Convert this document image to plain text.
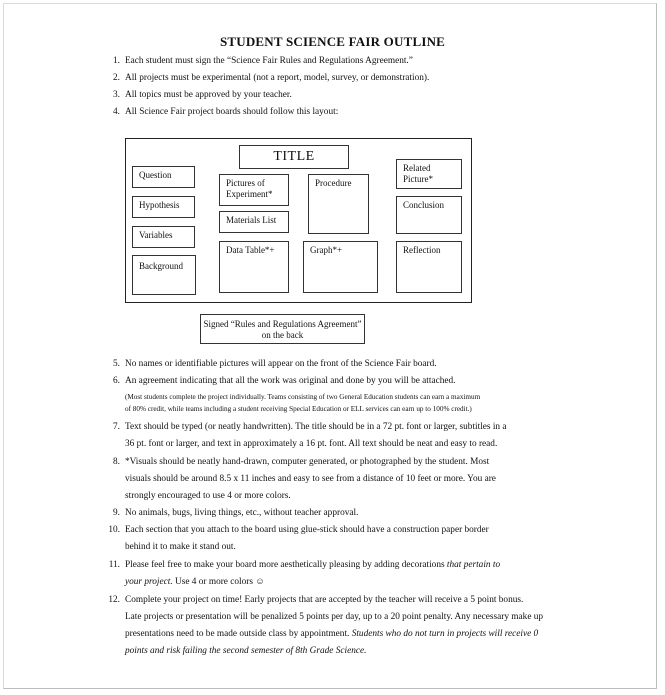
STUDENT SCIENCE FAIR OUTLINE
1. Each student must sign the “Science Fair Rules and Regulations Agreement.”
2. All projects must be experimental (not a report, model, survey, or demonstration).
3. All topics must be approved by your teacher.
4. All Science Fair project boards should follow this layout:
TITLE
Question
Hypothesis
Variables
Background
Pictures of
Experiment*
Materials List
Data Table*+
Procedure
Graph*+
Related
Picture*
Conclusion
Reflection
Signed “Rules and Regulations Agreement”
on the back
5. No names or identifiable pictures will appear on the front of the Science Fair board.
6. An agreement indicating that all the work was original and done by you will be attached.
(Most students complete the project individually. Teams consisting of two General Education students can earn a maximum
of 80% credit, while teams including a student receiving Special Education or ELL services can earn up to 100% credit.)
7. Text should be typed (or neatly handwritten). The title should be in a 72 pt. font or larger, subtitles in a
36 pt. font or larger, and text in approximately a 16 pt. font. All text should be neat and easy to read.
8. *Visuals should be neatly hand-drawn, computer generated, or photographed by the student. Most
visuals should be around 8.5 x 11 inches and easy to see from a distance of 10 feet or more. You are
strongly encouraged to use 4 or more colors.
9. No animals, bugs, living things, etc., without teacher approval.
10. Each section that you attach to the board using glue-stick should have a construction paper border
behind it to make it stand out.
11. Please feel free to make your board more aesthetically pleasing by adding decorations that pertain to
your project. Use 4 or more colors ☺
12. Complete your project on time! Early projects that are accepted by the teacher will receive a 5 point bonus.
Late projects or presentation will be penalized 5 points per day, up to a 20 point penalty. Any necessary make up
presentations need to be made outside class by appointment. Students who do not turn in projects will receive 0
points and risk failing the second semester of 8th Grade Science.
